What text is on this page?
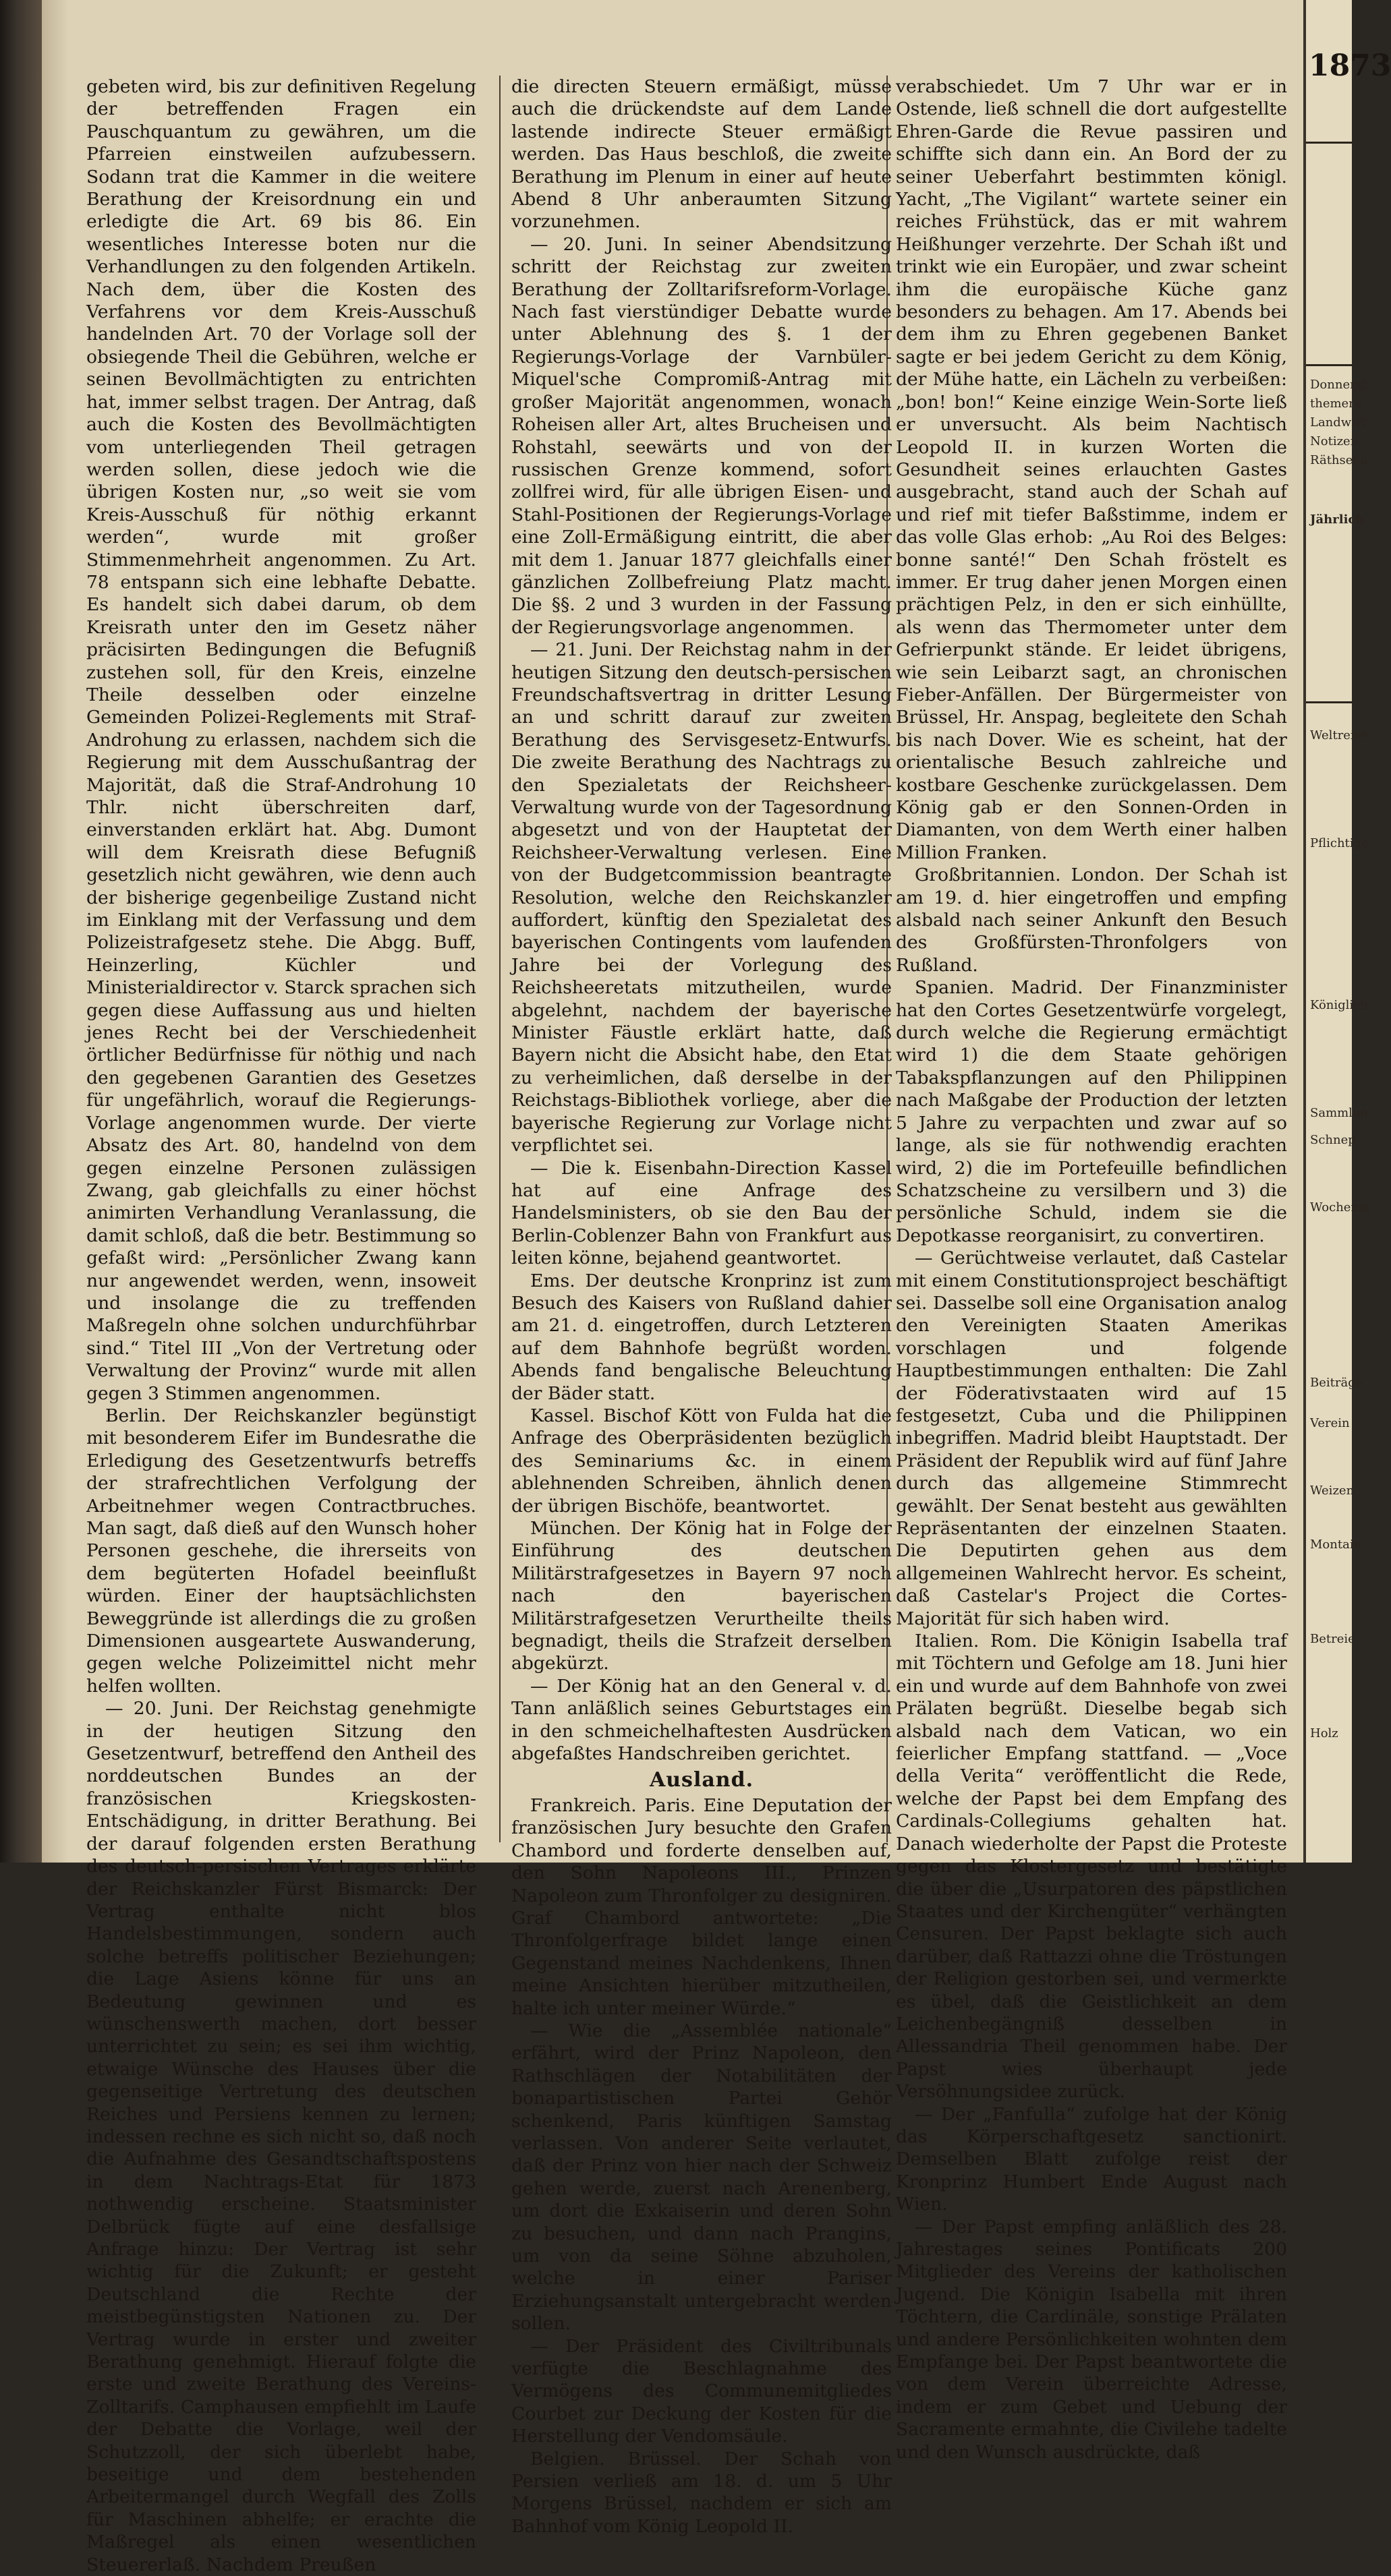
gebeten wird, bis zur definitiven Regelung der betreffenden Fragen ein Pauschquantum zu gewähren, um die Pfarreien einstweilen aufzubessern. Sodann trat die Kammer in die weitere Berathung der Kreisordnung ein und erledigte die Art. 69 bis 86. Ein wesentliches Interesse boten nur die Verhandlungen zu den folgenden Artikeln. Nach dem, über die Kosten des Verfahrens vor dem Kreis-Ausschuß handelnden Art. 70 der Vorlage soll der obsiegende Theil die Gebühren, welche er seinen Bevollmächtigten zu entrichten hat, immer selbst tragen. Der Antrag, daß auch die Kosten des Bevollmächtigten vom unterliegenden Theil getragen werden sollen, diese jedoch wie die übrigen Kosten nur, „so weit sie vom Kreis-Ausschuß für nöthig erkannt werden“, wurde mit großer Stimmenmehrheit angenommen. Zu Art. 78 entspann sich eine lebhafte Debatte. Es handelt sich dabei darum, ob dem Kreisrath unter den im Gesetz näher präcisirten Bedingungen die Befugniß zustehen soll, für den Kreis, einzelne Theile desselben oder einzelne Gemeinden Polizei-Reglements mit Straf-Androhung zu erlassen, nachdem sich die Regierung mit dem Ausschußantrag der Majorität, daß die Straf-Androhung 10 Thlr. nicht überschreiten darf, einverstanden erklärt hat. Abg. Dumont will dem Kreisrath diese Befugniß gesetzlich nicht gewähren, wie denn auch der bisherige gegenbeilige Zustand nicht im Einklang mit der Verfassung und dem Polizeistrafgesetz stehe. Die Abgg. Buff, Heinzerling, Küchler und Ministerialdirector v. Starck sprachen sich gegen diese Auffassung aus und hielten jenes Recht bei der Verschiedenheit örtlicher Bedürfnisse für nöthig und nach den gegebenen Garantien des Gesetzes für ungefährlich, worauf die Regierungs-Vorlage angenommen wurde. Der vierte Absatz des Art. 80, handelnd von dem gegen einzelne Personen zulässigen Zwang, gab gleichfalls zu einer höchst animirten Verhandlung Veranlassung, die damit schloß, daß die betr. Bestimmung so gefaßt wird: „Persönlicher Zwang kann nur angewendet werden, wenn, insoweit und insolange die zu treffenden Maßregeln ohne solchen undurchführbar sind.“ Titel III „Von der Vertretung oder Verwaltung der Provinz“ wurde mit allen gegen 3 Stimmen angenommen.

Berlin. Der Reichskanzler begünstigt mit besonderem Eifer im Bundesrathe die Erledigung des Gesetzentwurfs betreffs der strafrechtlichen Verfolgung der Arbeitnehmer wegen Contractbruches. Man sagt, daß dieß auf den Wunsch hoher Personen geschehe, die ihrerseits von dem begüterten Hofadel beeinflußt würden. Einer der hauptsächlichsten Beweggründe ist allerdings die zu großen Dimensionen ausgeartete Auswanderung, gegen welche Polizeimittel nicht mehr helfen wollten.

— 20. Juni. Der Reichstag genehmigte in der heutigen Sitzung den Gesetzentwurf, betreffend den Antheil des norddeutschen Bundes an der französischen Kriegskosten-Entschädigung, in dritter Berathung. Bei der darauf folgenden ersten Berathung des deutsch-persischen Vertrages erklärte der Reichskanzler Fürst Bismarck: Der Vertrag enthalte nicht blos Handelsbestimmungen, sondern auch solche betreffs politischer Beziehungen; die Lage Asiens könne für uns an Bedeutung gewinnen und es wünschenswerth machen, dort besser unterrichtet zu sein; es sei ihm wichtig, etwaige Wünsche des Hauses über die gegenseitige Vertretung des deutschen Reiches und Persiens kennen zu lernen; indessen rechne es sich nicht so, daß noch die Aufnahme des Gesandtschaftspostens in dem Nachtrags-Etat für 1873 nothwendig erscheine. Staatsminister Delbrück fügte auf eine desfallsige Anfrage hinzu: Der Vertrag ist sehr wichtig für die Zukunft; er gesteht Deutschland die Rechte der meistbegünstigsten Nationen zu. Der Vertrag wurde in erster und zweiter Berathung genehmigt. Hierauf folgte die erste und zweite Berathung des Vereins-Zolltarifs. Camphausen empfiehlt im Laufe der Debatte die Vorlage, weil der Schutzzoll, der sich überlebt habe, beseitige und dem bestehenden Arbeitermangel durch Wegfall des Zolls für Maschinen abhelfe; er erachte die Maßregel als einen wesentlichen Steuererlaß. Nachdem Preußen

die directen Steuern ermäßigt, müsse auch die drückendste auf dem Lande lastende indirecte Steuer ermäßigt werden. Das Haus beschloß, die zweite Berathung im Plenum in einer auf heute Abend 8 Uhr anberaumten Sitzung vorzunehmen.

— 20. Juni. In seiner Abendsitzung schritt der Reichstag zur zweiten Berathung der Zolltarifsreform-Vorlage. Nach fast vierstündiger Debatte wurde unter Ablehnung des §. 1 der Regierungs-Vorlage der Varnbüler-Miquel'sche Compromiß-Antrag mit großer Majorität angenommen, wonach Roheisen aller Art, altes Brucheisen und Rohstahl, seewärts und von der russischen Grenze kommend, sofort zollfrei wird, für alle übrigen Eisen- und Stahl-Positionen der Regierungs-Vorlage eine Zoll-Ermäßigung eintritt, die aber mit dem 1. Januar 1877 gleichfalls einer gänzlichen Zollbefreiung Platz macht. Die §§. 2 und 3 wurden in der Fassung der Regierungsvorlage angenommen.

— 21. Juni. Der Reichstag nahm in der heutigen Sitzung den deutsch-persischen Freundschaftsvertrag in dritter Lesung an und schritt darauf zur zweiten Berathung des Servisgesetz-Entwurfs. Die zweite Berathung des Nachtrags zu den Spezialetats der Reichsheer-Verwaltung wurde von der Tagesordnung abgesetzt und von der Hauptetat der Reichsheer-Verwaltung verlesen. Eine von der Budgetcommission beantragte Resolution, welche den Reichskanzler auffordert, künftig den Spezialetat des bayerischen Contingents vom laufenden Jahre bei der Vorlegung des Reichsheeretats mitzutheilen, wurde abgelehnt, nachdem der bayerische Minister Fäustle erklärt hatte, daß Bayern nicht die Absicht habe, den Etat zu verheimlichen, daß derselbe in der Reichstags-Bibliothek vorliege, aber die bayerische Regierung zur Vorlage nicht verpflichtet sei.

— Die k. Eisenbahn-Direction Kassel hat auf eine Anfrage des Handelsministers, ob sie den Bau der Berlin-Coblenzer Bahn von Frankfurt aus leiten könne, bejahend geantwortet.

Ems. Der deutsche Kronprinz ist zum Besuch des Kaisers von Rußland dahier am 21. d. eingetroffen, durch Letzteren auf dem Bahnhofe begrüßt worden. Abends fand bengalische Beleuchtung der Bäder statt.

Kassel. Bischof Kött von Fulda hat die Anfrage des Oberpräsidenten bezüglich des Seminariums &c. in einem ablehnenden Schreiben, ähnlich denen der übrigen Bischöfe, beantwortet.

München. Der König hat in Folge der Einführung des deutschen Militärstrafgesetzes in Bayern 97 noch nach den bayerischen Militärstrafgesetzen Verurtheilte theils begnadigt, theils die Strafzeit derselben abgekürzt.

— Der König hat an den General v. d. Tann anläßlich seines Geburtstages ein in den schmeichelhaftesten Ausdrücken abgefaßtes Handschreiben gerichtet.

Ausland.

Frankreich. Paris. Eine Deputation der französischen Jury besuchte den Grafen Chambord und forderte denselben auf, den Sohn Napoleons III., Prinzen Napoleon zum Thronfolger zu designiren. Graf Chambord antwortete: „Die Thronfolgerfrage bildet lange einen Gegenstand meines Nachdenkens, Ihnen meine Ansichten hierüber mitzutheilen, halte ich unter meiner Würde.“

— Wie die „Assemblée nationale“ erfährt, wird der Prinz Napoleon, den Rathschlägen der Notabilitäten der bonapartistischen Partei Gehör schenkend, Paris künftigen Samstag verlassen. Von anderer Seite verlautet, daß der Prinz von hier nach der Schweiz gehen werde, zuerst nach Arenenberg, um dort die Exkaiserin und deren Sohn zu besuchen, und dann nach Prangins, um von da seine Söhne abzuholen, welche in einer Pariser Erziehungsanstalt untergebracht werden sollen.

— Der Präsident des Civiltribunals verfügte die Beschlagnahme des Vermögens des Communemitgliedes Courbet zur Deckung der Kosten für die Herstellung der Vendomsäule.

Belgien. Brüssel. Der Schah von Persien verließ am 18. d. um 5 Uhr Morgens Brüssel, nachdem er sich am Bahnhof vom König Leopold II.

verabschiedet. Um 7 Uhr war er in Ostende, ließ schnell die dort aufgestellte Ehren-Garde die Revue passiren und schiffte sich dann ein. An Bord der zu seiner Ueberfahrt bestimmten königl. Yacht, „The Vigilant“ wartete seiner ein reiches Frühstück, das er mit wahrem Heißhunger verzehrte. Der Schah ißt und trinkt wie ein Europäer, und zwar scheint ihm die europäische Küche ganz besonders zu behagen. Am 17. Abends bei dem ihm zu Ehren gegebenen Banket sagte er bei jedem Gericht zu dem König, der Mühe hatte, ein Lächeln zu verbeißen: „bon! bon!“ Keine einzige Wein-Sorte ließ er unversucht. Als beim Nachtisch Leopold II. in kurzen Worten die Gesundheit seines erlauchten Gastes ausgebracht, stand auch der Schah auf und rief mit tiefer Baßstimme, indem er das volle Glas erhob: „Au Roi des Belges: bonne santé!“ Den Schah fröstelt es immer. Er trug daher jenen Morgen einen prächtigen Pelz, in den er sich einhüllte, als wenn das Thermometer unter dem Gefrierpunkt stände. Er leidet übrigens, wie sein Leibarzt sagt, an chronischen Fieber-Anfällen. Der Bürgermeister von Brüssel, Hr. Anspag, begleitete den Schah bis nach Dover. Wie es scheint, hat der orientalische Besuch zahlreiche und kostbare Geschenke zurückgelassen. Dem König gab er den Sonnen-Orden in Diamanten, von dem Werth einer halben Million Franken.

Großbritannien. London. Der Schah ist am 19. d. hier eingetroffen und empfing alsbald nach seiner Ankunft den Besuch des Großfürsten-Thronfolgers von Rußland.

Spanien. Madrid. Der Finanzminister hat den Cortes Gesetzentwürfe vorgelegt, durch welche die Regierung ermächtigt wird 1) die dem Staate gehörigen Tabakspflanzungen auf den Philippinen nach Maßgabe der Production der letzten 5 Jahre zu verpachten und zwar auf so lange, als sie für nothwendig erachten wird, 2) die im Portefeuille befindlichen Schatzscheine zu versilbern und 3) die persönliche Schuld, indem sie die Depotkasse reorganisirt, zu convertiren.

— Gerüchtweise verlautet, daß Castelar mit einem Constitutionsproject beschäftigt sei. Dasselbe soll eine Organisation analog den Vereinigten Staaten Amerikas vorschlagen und folgende Hauptbestimmungen enthalten: Die Zahl der Föderativstaaten wird auf 15 festgesetzt, Cuba und die Philippinen inbegriffen. Madrid bleibt Hauptstadt. Der Präsident der Republik wird auf fünf Jahre durch das allgemeine Stimmrecht gewählt. Der Senat besteht aus gewählten Repräsentanten der einzelnen Staaten. Die Deputirten gehen aus dem allgemeinen Wahlrecht hervor. Es scheint, daß Castelar's Project die Cortes-Majorität für sich haben wird.

Italien. Rom. Die Königin Isabella traf mit Töchtern und Gefolge am 18. Juni hier ein und wurde auf dem Bahnhofe von zwei Prälaten begrüßt. Dieselbe begab sich alsbald nach dem Vatican, wo ein feierlicher Empfang stattfand. — „Voce della Verita“ veröffentlicht die Rede, welche der Papst bei dem Empfang des Cardinals-Collegiums gehalten hat. Danach wiederholte der Papst die Proteste gegen das Klostergesetz und bestätigte die über die „Usurpatoren des päpstlichen Staates und der Kirchengüter“ verhängten Censuren. Der Papst beklagte sich auch darüber, daß Rattazzi ohne die Tröstungen der Religion gestorben sei, und vermerkte es übel, daß die Geistlichkeit an dem Leichenbegängniß desselben in Allessandria Theil genommen habe. Der Papst wies überhaupt jede Versöhnungsidee zurück.

— Der „Fanfulla“ zufolge hat der König das Körperschaftgesetz sanctionirt. Demselben Blatt zufolge reist der Kronprinz Humbert Ende August nach Wien.

— Der Papst empfing anläßlich des 28. Jahrestages seines Pontificats 200 Mitglieder des Vereins der katholischen Jugend. Die Königin Isabella mit ihren Töchtern, die Cardinäle, sonstige Prälaten und andere Persönlichkeiten wohnten dem Empfange bei. Der Papst beantwortete die von dem Verein überreichte Adresse, indem er zum Gebet und Uebung der Sacramente ermahnte, die Civilehe tadelte und den Wunsch ausdrückte, daß

1873
Donnerst
themerk
Landwirt
Notizen,
Räthsel a
Jährlich
Weltreise
Pflichtige
Königlich
Sammlun
Schnep
Wochenm
Beiträge
Verein
Weizen
Montain
Betreie
Holz
